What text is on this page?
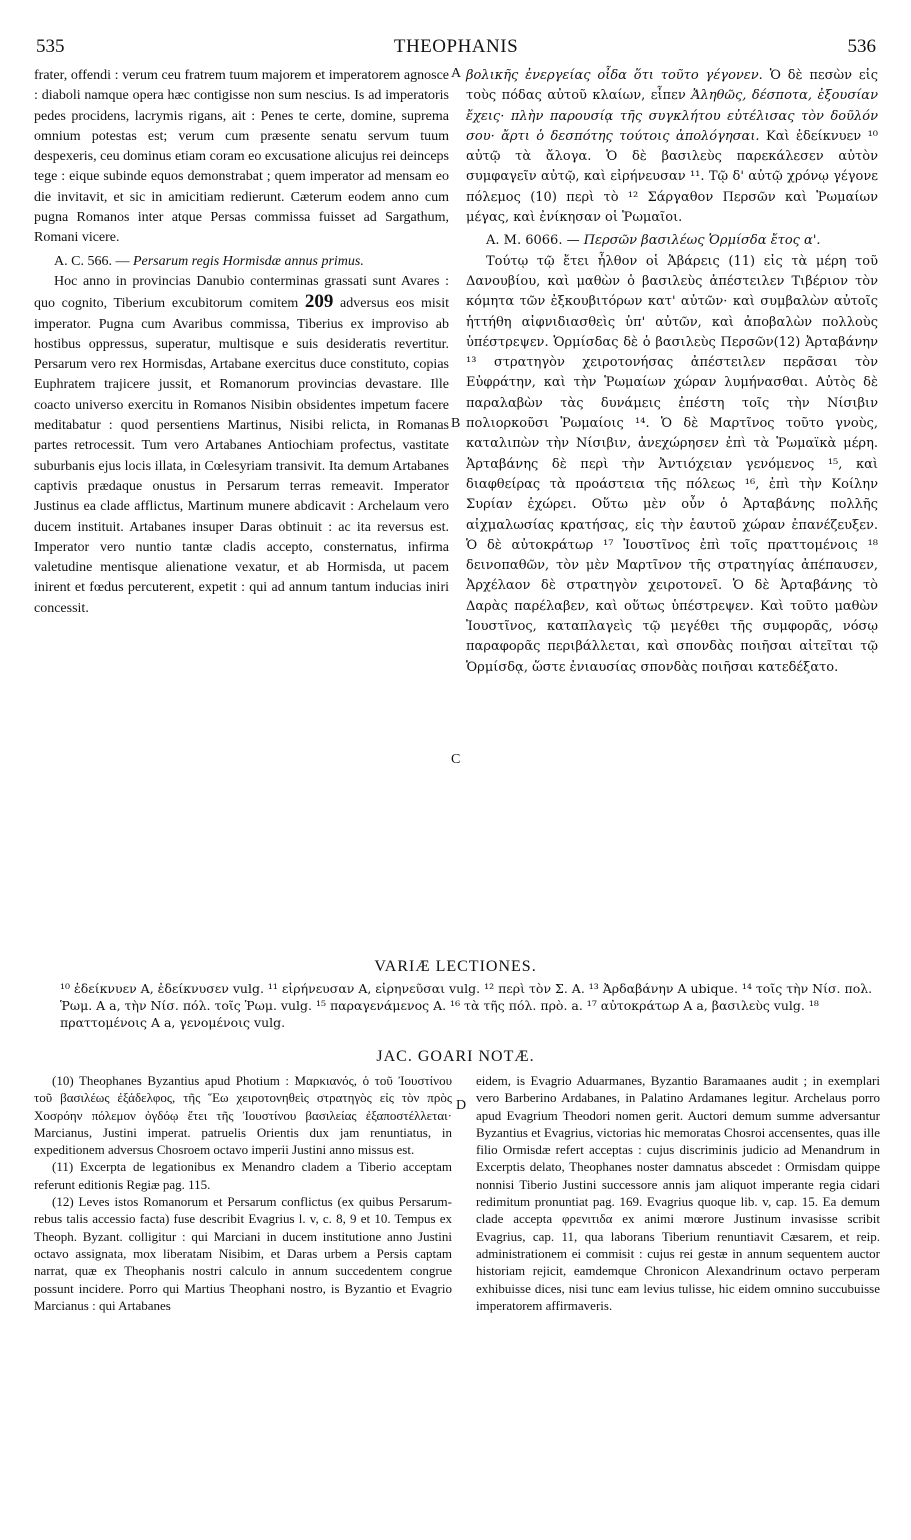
535	THEOPHANIS	536
A
B
C
D

frater, offendi : verum ceu fratrem tuum majorem et imperatorem agnosce : diaboli namque opera hæc contigisse non sum nescius. Is ad imperatoris pedes procidens, lacrymis rigans, ait : Penes te certe, domine, suprema omnium potestas est; verum cum præsente senatu servum tuum despexeris, ceu dominus etiam coram eo excusatione alicujus rei deinceps tege : eique subinde equos demonstrabat ; quem imperator ad mensam eo die invitavit, et sic in amicitiam redierunt. Cæterum eodem anno cum pugna Romanos inter atque Persas commissa fuisset ad Sargathum, Romani vicere.

A. C. 566. — Persarum regis Hormisdæ annus primus.

Hoc anno in provincias Danubio conterminas grassati sunt Avares : quo cognito, Tiberium excubitorum comitem 209 adversus eos misit imperator. Pugna cum Avaribus commissa, Tiberius ex improviso ab hostibus oppressus, superatur, multisque e suis desideratis revertitur. Persarum vero rex Hormisdas, Artabane exercitus duce constituto, copias Euphratem trajicere jussit, et Romanorum provincias devastare. Ille coacto universo exercitu in Romanos Nisibin obsidentes impetum facere meditabatur : quod persentiens Martinus, Nisibi relicta, in Romanas partes retrocessit. Tum vero Artabanes Antiochiam profectus, vastitate suburbanis ejus locis illata, in Cœlesyriam transivit. Ita demum Artabanes captivis prædaque onustus in Persarum terras remeavit. Imperator Justinus ea clade afflictus, Martinum munere abdicavit : Archelaum vero ducem instituit. Artabanes insuper Daras obtinuit : ac ita reversus est. Imperator vero nuntio tantæ cladis accepto, consternatus, infirma valetudine mentisque alienatione vexatur, et ab Hormisda, ut pacem inirent et fœdus percuterent, expetit : qui ad annum tantum inducias iniri concessit.

βολικῆς ἐνεργείας οἶδα ὅτι τοῦτο γέγονεν. Ὁ δὲ πεσὼν εἰς τοὺς πόδας αὐτοῦ κλαίων, εἶπεν Ἀληθῶς, δέσποτα, ἐξουσίαν ἔχεις· πλὴν παρουσίᾳ τῆς συγκλήτου εὐτέλισας τὸν δοῦλόν σου· ἄρτι ὁ δεσπότης τούτοις ἀπολόγησαι. Καὶ ἐδείκνυεν ¹⁰ αὐτῷ τὰ ἄλογα. Ὁ δὲ βασιλεὺς παρεκάλεσεν αὐτὸν συμφαγεῖν αὐτῷ, καὶ εἰρήνευσαν ¹¹. Τῷ δ' αὐτῷ χρόνῳ γέγονε πόλεμος (10) περὶ τὸ ¹² Σάργαθον Περσῶν καὶ Ῥωμαίων μέγας, καὶ ἐνίκησαν οἱ Ῥωμαῖοι.

A. M. 6066. — Περσῶν βασιλέως Ὁρμίσδα ἔτος α'.

Τούτῳ τῷ ἔτει ἦλθον οἱ Ἀβάρεις (11) εἰς τὰ μέρη τοῦ Δανουβίου, καὶ μαθὼν ὁ βασιλεὺς ἀπέστειλεν Τιβέριον τὸν κόμητα τῶν ἐξκουβιτόρων κατ' αὐτῶν· καὶ συμβαλὼν αὐτοῖς ἡττήθη αἰφνιδιασθεὶς ὑπ' αὐτῶν, καὶ ἀποβαλὼν πολλοὺς ὑπέστρεψεν. Ὁρμίσδας δὲ ὁ βασιλεὺς Περσῶν(12) Ἀρταβάνην ¹³ στρατηγὸν χειροτονήσας ἀπέστειλεν περᾶσαι τὸν Εὐφράτην, καὶ τὴν Ῥωμαίων χώραν λυμήνασθαι. Αὐτὸς δὲ παραλαβὼν τὰς δυνάμεις ἐπέστη τοῖς τὴν Νίσιβιν πολιορκοῦσι Ῥωμαίοις ¹⁴. Ὁ δὲ Μαρτῖνος τοῦτο γνοὺς, καταλιπὼν τὴν Νίσιβιν, ἀνεχώρησεν ἐπὶ τὰ Ῥωμαϊκὰ μέρη. Ἀρταβάνης δὲ περὶ τὴν Ἀντιόχειαν γενόμενος ¹⁵, καὶ διαφθείρας τὰ προάστεια τῆς πόλεως ¹⁶, ἐπὶ τὴν Κοίλην Συρίαν ἐχώρει. Οὕτω μὲν οὖν ὁ Ἀρταβάνης πολλῆς αἰχμαλωσίας κρατήσας, εἰς τὴν ἑαυτοῦ χώραν ἐπανέζευξεν. Ὁ δὲ αὐτοκράτωρ ¹⁷ Ἰουστῖνος ἐπὶ τοῖς πραττομένοις ¹⁸ δεινοπαθῶν, τὸν μὲν Μαρτῖνον τῆς στρατηγίας ἀπέπαυσεν, Ἀρχέλαον δὲ στρατηγὸν χειροτονεῖ. Ὁ δὲ Ἀρταβάνης τὸ Δαρὰς παρέλαβεν, καὶ οὕτως ὑπέστρεψεν. Καὶ τοῦτο μαθὼν Ἰουστῖνος, καταπλαγεὶς τῷ μεγέθει τῆς συμφορᾶς, νόσῳ παραφορᾶς περιβάλλεται, καὶ σπονδὰς ποιῆσαι αἰτεῖται τῷ Ὁρμίσδᾳ, ὥστε ἐνιαυσίας σπονδὰς ποιῆσαι κατεδέξατο.

VARIÆ LECTIONES.
¹⁰ ἐδείκνυεν A, ἐδείκνυσεν vulg. ¹¹ εἰρήνευσαν A, εἰρηνεῦσαι vulg. ¹² περὶ τὸν Σ. A. ¹³ Ἀρδαβάνην A ubique. ¹⁴ τοῖς τὴν Νίσ. πολ. Ῥωμ. A a, τὴν Νίσ. πόλ. τοῖς Ῥωμ. vulg. ¹⁵ παραγενάμενος A. ¹⁶ τὰ τῆς πόλ. πρὸ. a. ¹⁷ αὐτοκράτωρ A a, βασιλεὺς vulg. ¹⁸ πραττομένοις A a, γενομένοις vulg.
JAC. GOARI NOTÆ.

(10) Theophanes Byzantius apud Photium : Μαρκιανός, ὁ τοῦ Ἰουστίνου τοῦ βασιλέως ἐξάδελφος, τῆς Ἕω χειροτονηθεὶς στρατηγὸς εἰς τὸν πρὸς Χοσρόην πόλεμον ὀγδόῳ ἔτει τῆς Ἰουστίνου βασιλείας ἐξαποστέλλεται· Marcianus, Justini imperat. patruelis Orientis dux jam renuntiatus, in expeditionem adversus Chosroem octavo imperii Justini anno missus est.

(11) Excerpta de legationibus ex Menandro cladem a Tiberio acceptam referunt editionis Regiæ pag. 115.

(12) Leves istos Romanorum et Persarum conflictus (ex quibus Persarum-rebus talis accessio facta) fuse describit Evagrius l. v, c. 8, 9 et 10. Tempus ex Theoph. Byzant. colligitur : qui Marciani in ducem institutione anno Justini octavo assignata, mox liberatam Nisibim, et Daras urbem a Persis captam narrat, quæ ex Theophanis nostri calculo in annum succedentem congrue possunt incidere. Porro qui Martius Theophani nostro, is Byzantio et Evagrio Marcianus : qui Artabanes

eidem, is Evagrio Aduarmanes, Byzantio Baramaanes audit ; in exemplari vero Barberino Ardabanes, in Palatino Ardamanes legitur. Archelaus porro apud Evagrium Theodori nomen gerit. Auctori demum summe adversantur Byzantius et Evagrius, victorias hic memoratas Chosroi accensentes, quas ille filio Ormisdæ refert acceptas : cujus discriminis judicio ad Menandrum in Excerptis delato, Theophanes noster damnatus abscedet : Ormisdam quippe nonnisi Tiberio Justini successore annis jam aliquot imperante regia cidari redimitum pronuntiat pag. 169. Evagrius quoque lib. v, cap. 15. Ea demum clade accepta φρενιτιδα ex animi mœrore Justinum invasisse scribit Evagrius, cap. 11, qua laborans Tiberium renuntiavit Cæsarem, et reip. administrationem ei commisit : cujus rei gestæ in annum sequentem auctor historiam rejicit, eamdemque Chronicon Alexandrinum octavo perperam exhibuisse dices, nisi tunc eam levius tulisse, hic eidem omnino succubuisse imperatorem affirmaveris.
